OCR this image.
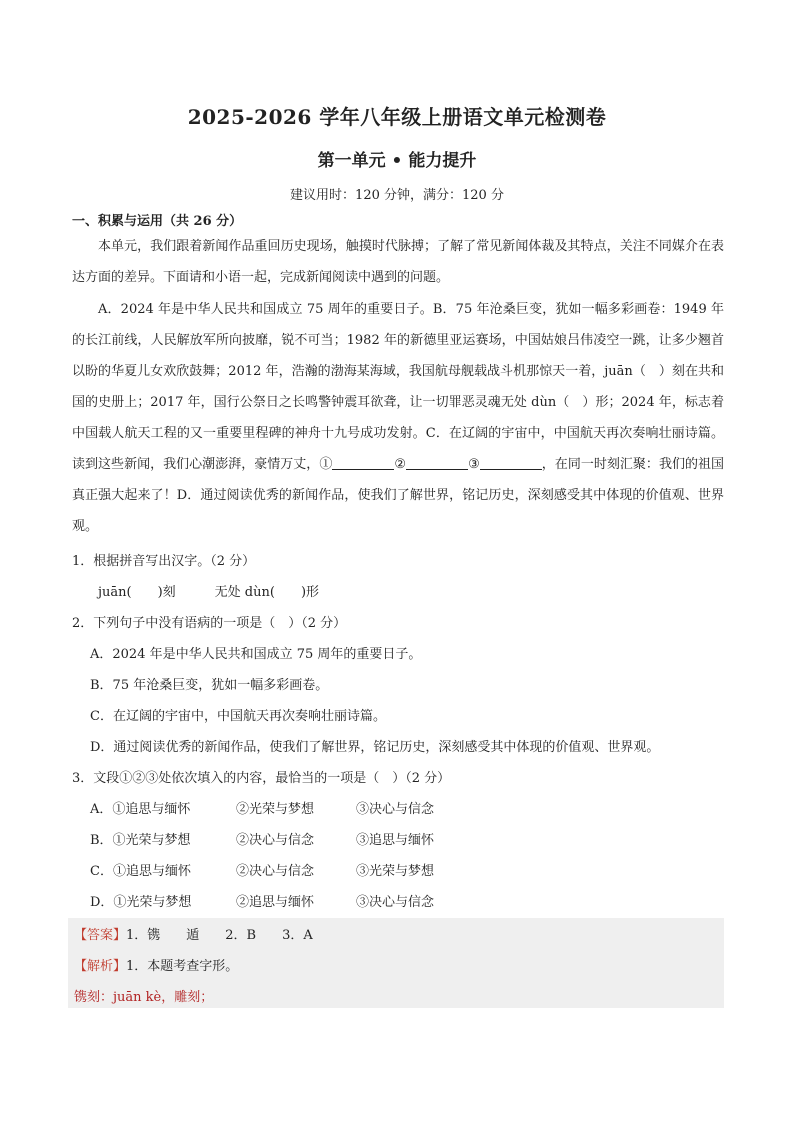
2025-2026 学年八年级上册语文单元检测卷
第一单元 • 能力提升
建议用时：120 分钟，满分：120 分
一、积累与运用（共 26 分）
本单元，我们跟着新闻作品重回历史现场，触摸时代脉搏；了解了常见新闻体裁及其特点，关注不同媒介在表达方面的差异。下面请和小语一起，完成新闻阅读中遇到的问题。
A．2024 年是中华人民共和国成立 75 周年的重要日子。B．75 年沧桑巨变，犹如一幅多彩画卷：1949 年的长江前线，人民解放军所向披靡，锐不可当；1982 年的新德里亚运赛场，中国姑娘吕伟凌空一跳，让多少翘首以盼的华夏儿女欢欣鼓舞；2012 年，浩瀚的渤海某海域，我国航母舰载战斗机那惊天一着，juān（　）刻在共和国的史册上；2017 年，国行公祭日之长鸣警钟震耳欲聋，让一切罪恶灵魂无处 dùn（　）形；2024 年，标志着中国载人航天工程的又一重要里程碑的神舟十九号成功发射。C．在辽阔的宇宙中，中国航天再次奏响壮丽诗篇。读到这些新闻，我们心潮澎湃，豪情万丈，①	②	③	，在同一时刻汇聚：我们的祖国真正强大起来了！D．通过阅读优秀的新闻作品，使我们了解世界，铭记历史，深刻感受其中体现的价值观、世界观。
1．根据拼音写出汉字。（2 分）
juān(　　)刻　　　无处 dùn(　　)形
2．下列句子中没有语病的一项是（　）（2 分）
A．2024 年是中华人民共和国成立 75 周年的重要日子。
B．75 年沧桑巨变，犹如一幅多彩画卷。
C．在辽阔的宇宙中，中国航天再次奏响壮丽诗篇。
D．通过阅读优秀的新闻作品，使我们了解世界，铭记历史，深刻感受其中体现的价值观、世界观。
3．文段①②③处依次填入的内容，最恰当的一项是（　）（2 分）
A．①追思与缅怀	②光荣与梦想	③决心与信念
B．①光荣与梦想	②决心与信念	③追思与缅怀
C．①追思与缅怀	②决心与信念	③光荣与梦想
D．①光荣与梦想	②追思与缅怀	③决心与信念
【答案】1．镌　　遁　　2．B　　3．A
【解析】1．本题考查字形。
镌刻：juān kè，雕刻；
